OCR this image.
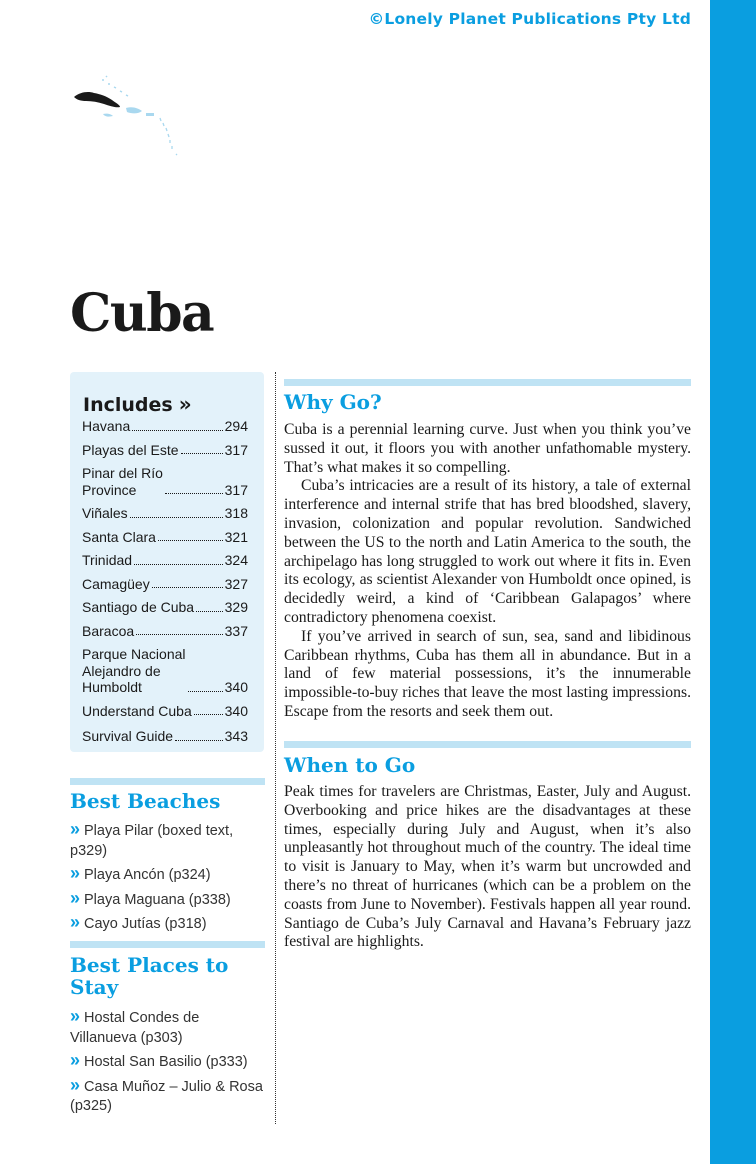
©Lonely Planet Publications Pty Ltd
Cuba
Includes »
Havana	294
Playas del Este	317
Pinar del Río
Province	317
Viñales	318
Santa Clara	321
Trinidad	324
Camagüey	327
Santiago de Cuba 329
Baracoa	337
Parque Nacional
Alejandro de
Humboldt	340
Understand Cuba 340
Survival Guide	343
Best Beaches
» Playa Pilar (boxed text, p329)
» Playa Ancón (p324)
» Playa Maguana (p338)
» Cayo Jutías (p318)
Best Places to Stay
» Hostal Condes de Villanueva (p303)
» Hostal San Basilio (p333)
» Casa Muñoz – Julio & Rosa (p325)
Why Go?

Cuba is a perennial learning curve. Just when you think you’ve sussed it out, it floors you with another unfathomable mystery. That’s what makes it so compelling.

Cuba’s intricacies are a result of its history, a tale of external interference and internal strife that has bred bloodshed, slavery, invasion, colonization and popular revolution. Sandwiched between the US to the north and Latin America to the south, the archipelago has long struggled to work out where it fits in. Even its ecology, as scientist Alexander von Humboldt once opined, is decidedly weird, a kind of ‘Caribbean Galapagos’ where contradictory phenomena coexist.

If you’ve arrived in search of sun, sea, sand and libidinous Caribbean rhythms, Cuba has them all in abundance. But in a land of few material possessions, it’s the innumerable impossible-to-buy riches that leave the most lasting impressions. Escape from the resorts and seek them out.

When to Go

Peak times for travelers are Christmas, Easter, July and August. Overbooking and price hikes are the disadvantages at these times, especially during July and August, when it’s also unpleasantly hot throughout much of the country. The ideal time to visit is January to May, when it’s warm but uncrowded and there’s no threat of hurricanes (which can be a problem on the coasts from June to November). Festivals happen all year round. Santiago de Cuba’s July Carnaval and Havana’s February jazz festival are highlights.
